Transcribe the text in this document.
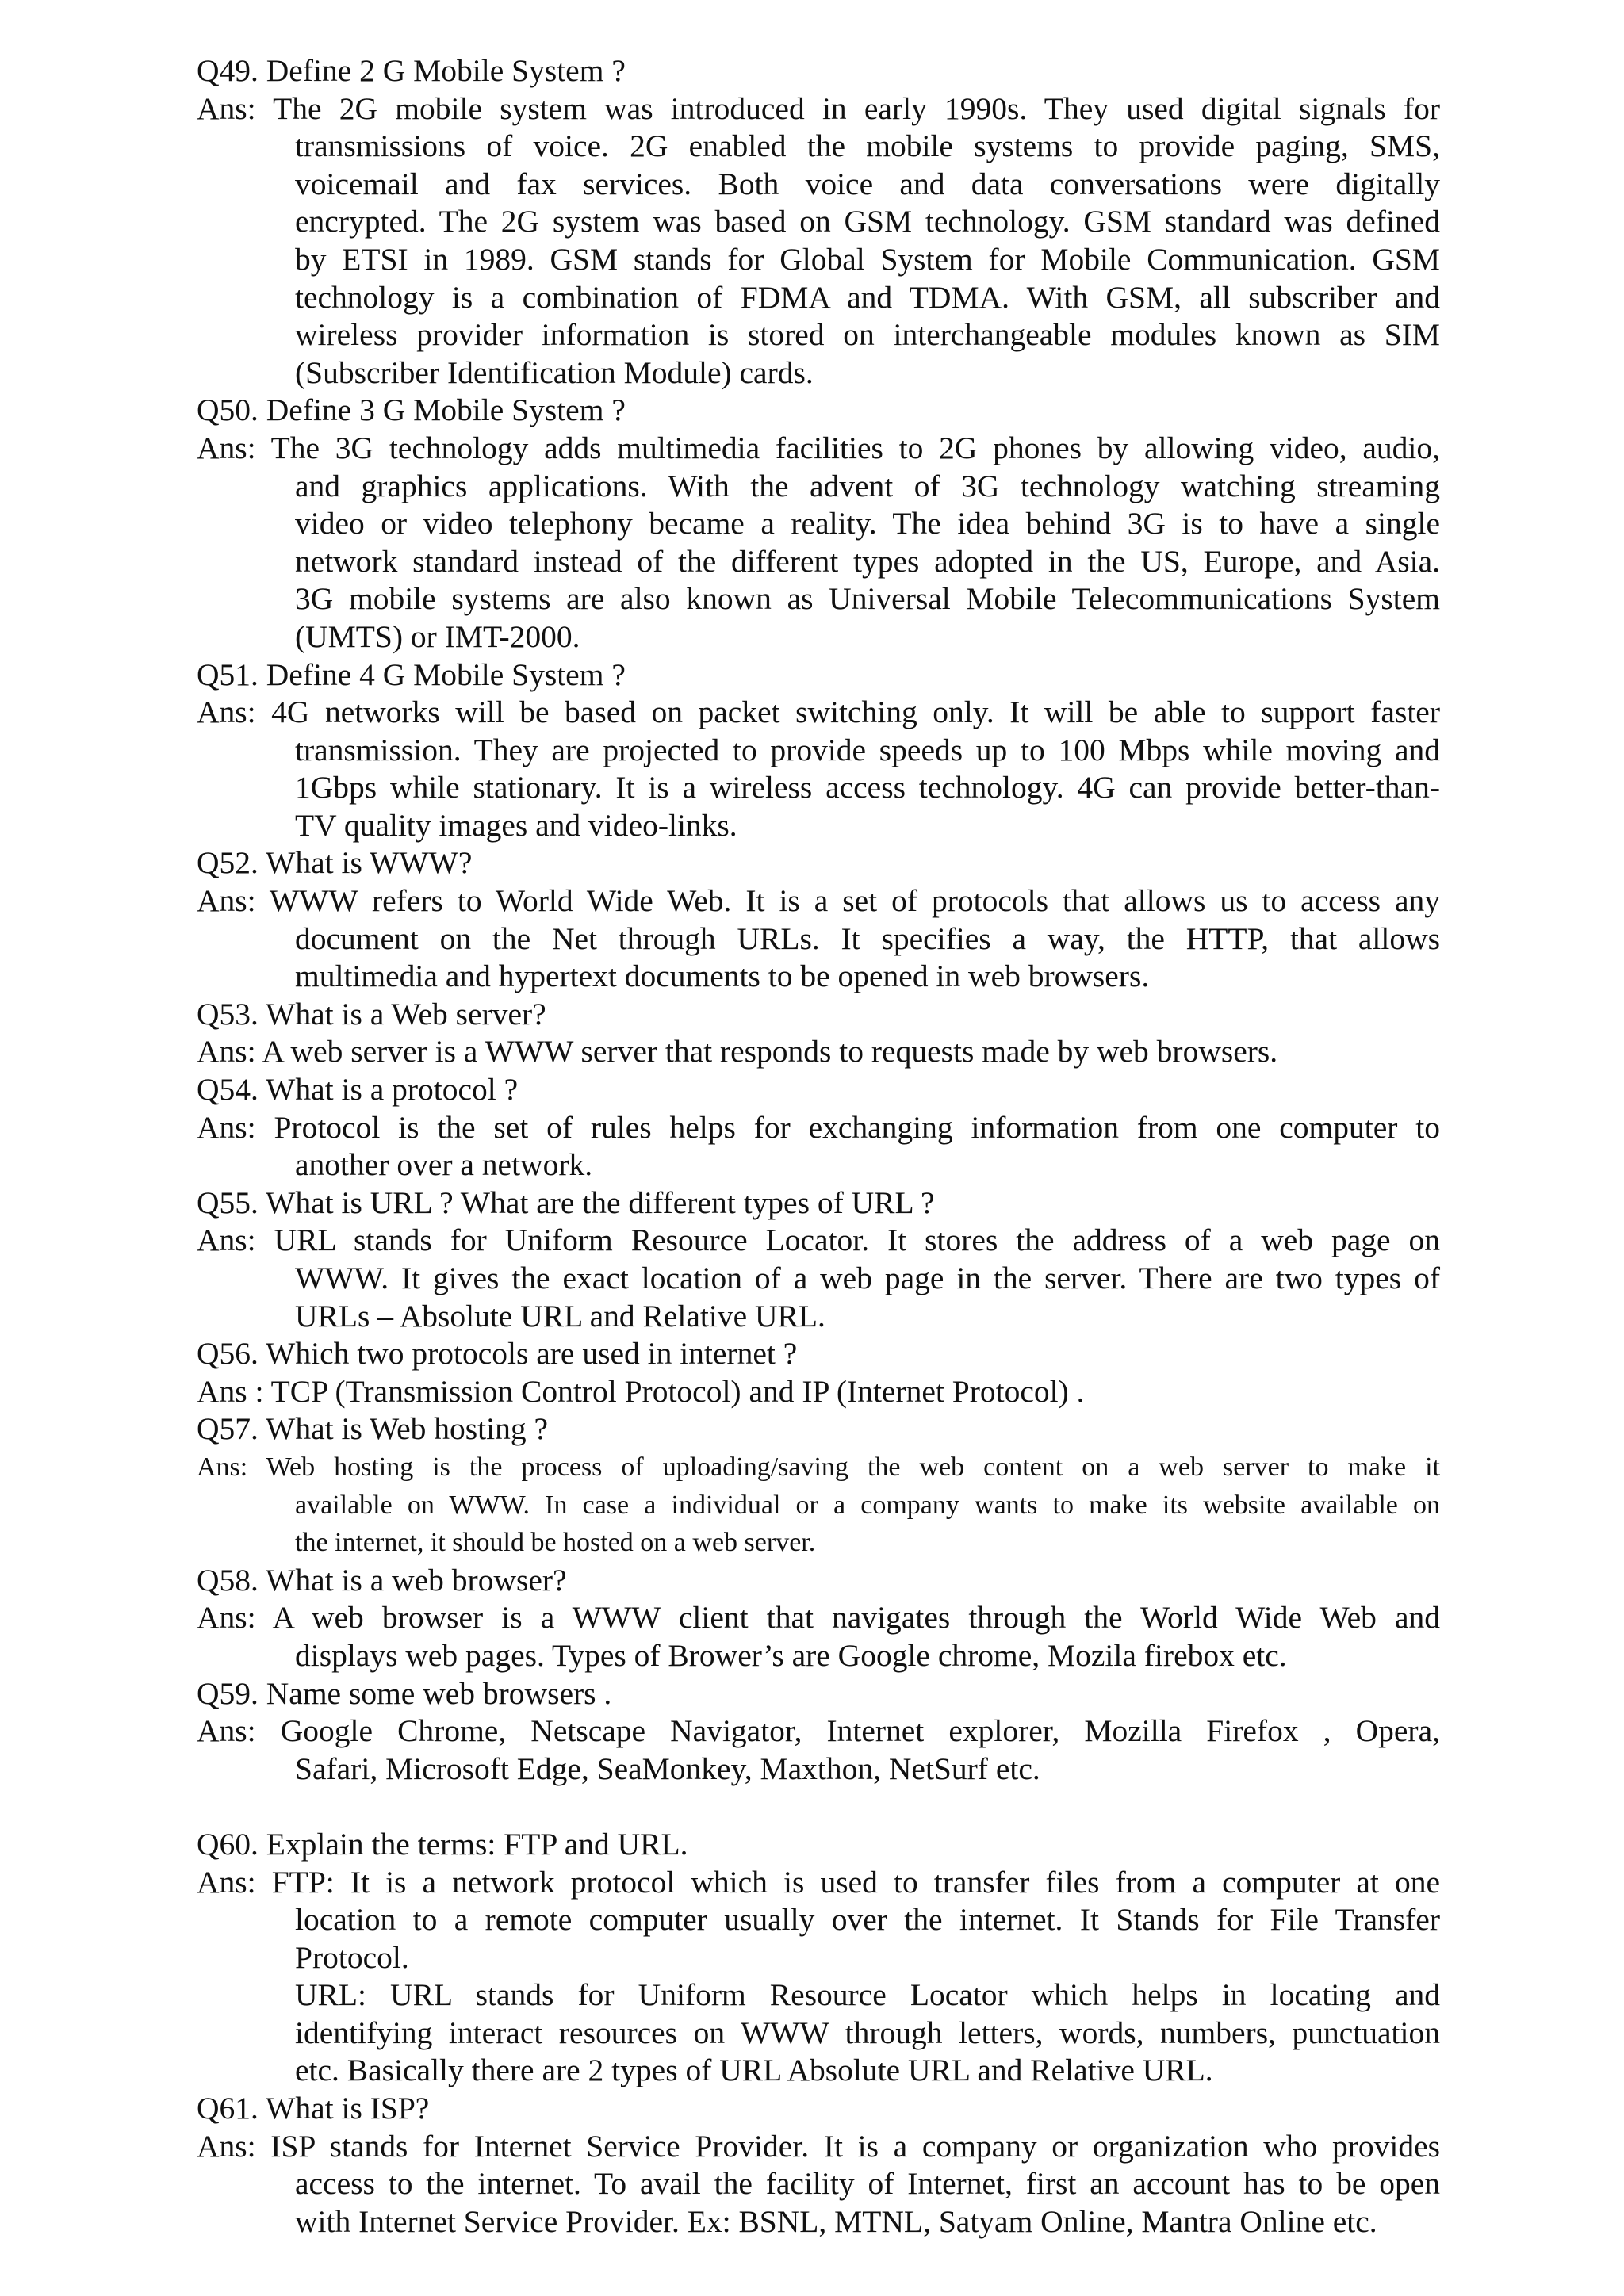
Q49. Define 2 G Mobile System ?
Ans: The 2G mobile system was introduced in early 1990s. They used digital signals for
transmissions of voice. 2G enabled the mobile systems to provide paging, SMS,
voicemail and fax services. Both voice and data conversations were digitally
encrypted. The 2G system was based on GSM technology. GSM standard was defined
by ETSI in 1989. GSM stands for Global System for Mobile Communication. GSM
technology is a combination of FDMA and TDMA. With GSM, all subscriber and
wireless provider information is stored on interchangeable modules known as SIM
(Subscriber Identification Module) cards.
Q50. Define 3 G Mobile System ?
Ans: The 3G technology adds multimedia facilities to 2G phones by allowing video, audio,
and graphics applications. With the advent of 3G technology watching streaming
video or video telephony became a reality. The idea behind 3G is to have a single
network standard instead of the different types adopted in the US, Europe, and Asia.
3G mobile systems are also known as Universal Mobile Telecommunications System
(UMTS) or IMT-2000.
Q51. Define 4 G Mobile System ?
Ans: 4G networks will be based on packet switching only. It will be able to support faster
transmission. They are projected to provide speeds up to 100 Mbps while moving and
1Gbps while stationary. It is a wireless access technology. 4G can provide better-than-
TV quality images and video-links.
Q52. What is WWW?
Ans: WWW refers to World Wide Web. It is a set of protocols that allows us to access any
document on the Net through URLs. It specifies a way, the HTTP, that allows
multimedia and hypertext documents to be opened in web browsers.
Q53. What is a Web server?
Ans: A web server is a WWW server that responds to requests made by web browsers.
Q54. What is a protocol ?
Ans: Protocol is the set of rules helps for exchanging information from one computer to
another over a network.
Q55. What is URL ? What are the different types of URL ?
Ans: URL stands for Uniform Resource Locator. It stores the address of a web page on
WWW. It gives the exact location of a web page in the server. There are two types of
URLs – Absolute URL and Relative URL.
Q56. Which two protocols are used in internet ?
Ans : TCP (Transmission Control Protocol) and IP (Internet Protocol) .
Q57. What is Web hosting ?
Ans: Web hosting is the process of uploading/saving the web content on a web server to make it
available on WWW. In case a individual or a company wants to make its website available on
the internet, it should be hosted on a web server.
Q58. What is a web browser?
Ans: A web browser is a WWW client that navigates through the World Wide Web and
displays web pages. Types of Brower’s are Google chrome, Mozila firebox etc.
Q59. Name some web browsers .
Ans: Google Chrome, Netscape Navigator, Internet explorer, Mozilla Firefox , Opera,
Safari, Microsoft Edge, SeaMonkey, Maxthon, NetSurf etc.
Q60. Explain the terms: FTP and URL.
Ans: FTP: It is a network protocol which is used to transfer files from a computer at one
location to a remote computer usually over the internet. It Stands for File Transfer
Protocol.
URL: URL stands for Uniform Resource Locator which helps in locating and
identifying interact resources on WWW through letters, words, numbers, punctuation
etc. Basically there are 2 types of URL Absolute URL and Relative URL.
Q61. What is ISP?
Ans: ISP stands for Internet Service Provider. It is a company or organization who provides
access to the internet. To avail the facility of Internet, first an account has to be open
with Internet Service Provider. Ex: BSNL, MTNL, Satyam Online, Mantra Online etc.
